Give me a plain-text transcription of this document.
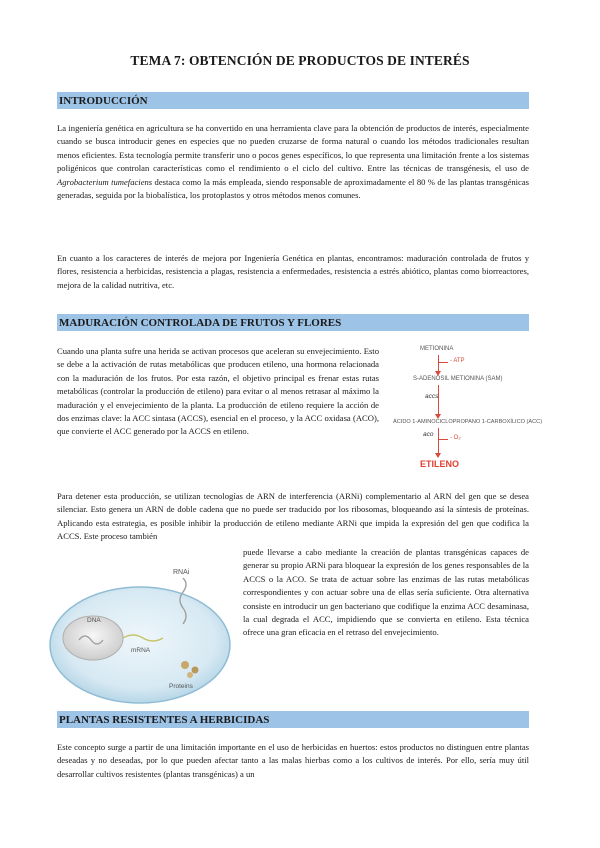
TEMA 7: OBTENCIÓN DE PRODUCTOS DE INTERÉS
INTRODUCCIÓN

La ingeniería genética en agricultura se ha convertido en una herramienta clave para la obtención de productos de interés, especialmente cuando se busca introducir genes en especies que no pueden cruzarse de forma natural o cuando los métodos tradicionales resultan menos eficientes. Esta tecnología permite transferir uno o pocos genes específicos, lo que representa una limitación frente a los sistemas poligénicos que controlan características como el rendimiento o el ciclo del cultivo. Entre las técnicas de transgénesis, el uso de Agrobacterium tumefaciens destaca como la más empleada, siendo responsable de aproximadamente el 80 % de las plantas transgénicas generadas, seguida por la biobalística, los protoplastos y otros métodos menos comunes.

En cuanto a los caracteres de interés de mejora por Ingeniería Genética en plantas, encontramos: maduración controlada de frutos y flores, resistencia a herbicidas, resistencia a plagas, resistencia a enfermedades, resistencia a estrés abiótico, plantas como biorreactores, mejora de la calidad nutritiva, etc.

MADURACIÓN CONTROLADA DE FRUTOS Y FLORES

Cuando una planta sufre una herida se activan procesos que aceleran su envejecimiento. Esto se debe a la activación de rutas metabólicas que producen etileno, una hormona relacionada con la maduración de los frutos. Por esta razón, el objetivo principal es frenar estas rutas metabólicas (controlar la producción de etileno) para evitar o al menos retrasar al máximo la maduración y el envejecimiento de la planta. La producción de etileno requiere la acción de dos enzimas clave: la ACC sintasa (ACCS), esencial en el proceso, y la ACC oxidasa (ACO), que convierte el ACC generado por la ACCS en etileno.

METIONINA
- ATP
S-ADENOSIL METIONINA (SAM)
accs
ÁCIDO 1-AMINOCICLOPROPANO 1-CARBOXÍLICO (ACC)
aco	- O₂
ETILENO

Para detener esta producción, se utilizan tecnologías de ARN de interferencia (ARNi) complementario al ARN del gen que se desea silenciar. Esto genera un ARN de doble cadena que no puede ser traducido por los ribosomas, bloqueando así la síntesis de proteínas. Aplicando esta estrategia, es posible inhibir la producción de etileno mediante ARNi que impida la expresión del gen que codifica la ACCS. Este proceso también

RNAi
DNA
mRNA
Proteins

puede llevarse a cabo mediante la creación de plantas transgénicas capaces de generar su propio ARNi para bloquear la expresión de los genes responsables de la ACCS o la ACO. Se trata de actuar sobre las enzimas de las rutas metabólicas correspondientes y con actuar sobre una de ellas sería suficiente. Otra alternativa consiste en introducir un gen bacteriano que codifique la enzima ACC desaminasa, la cual degrada el ACC, impidiendo que se convierta en etileno. Esta técnica ofrece una gran eficacia en el retraso del envejecimiento.

PLANTAS RESISTENTES A HERBICIDAS

Este concepto surge a partir de una limitación importante en el uso de herbicidas en huertos: estos productos no distinguen entre plantas deseadas y no deseadas, por lo que pueden afectar tanto a las malas hierbas como a los cultivos de interés. Por ello, sería muy útil desarrollar cultivos resistentes (plantas transgénicas) a un
